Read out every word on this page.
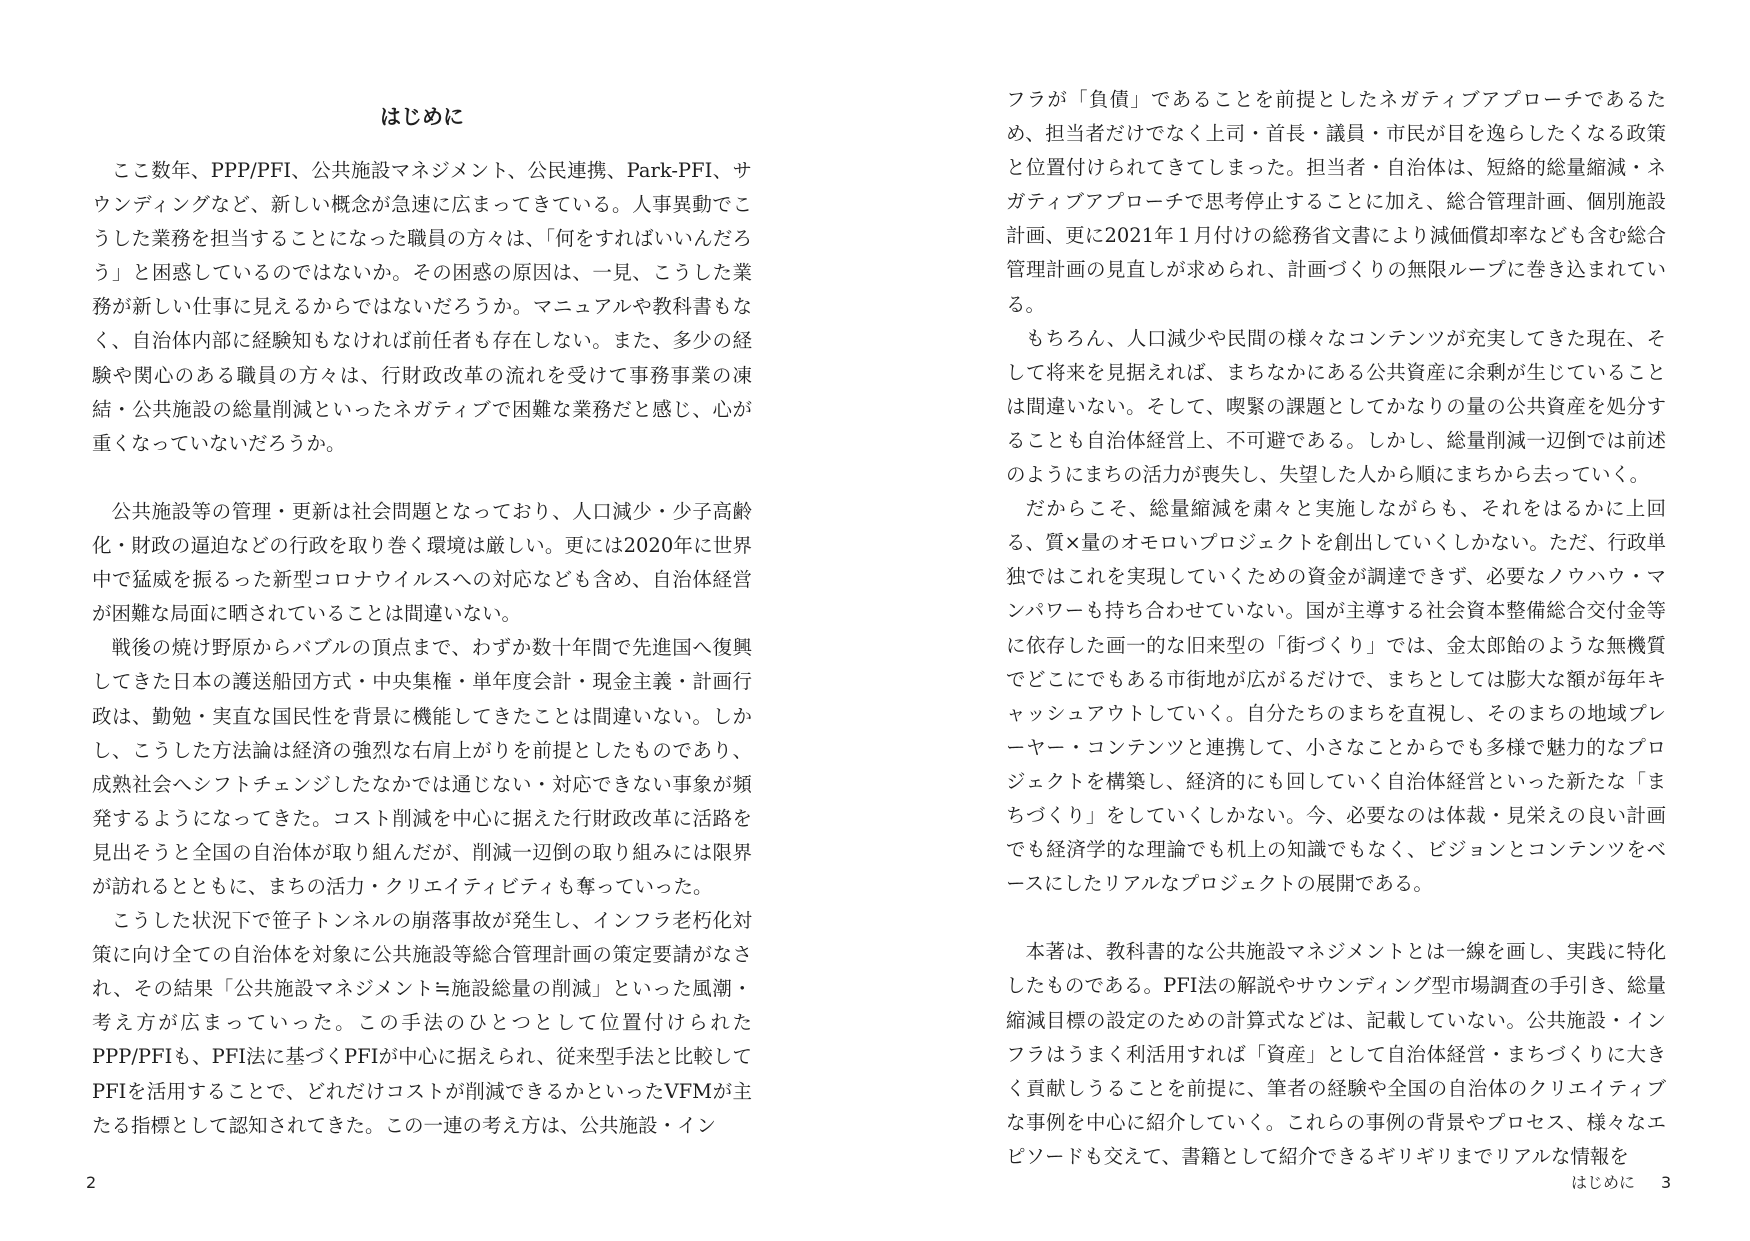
はじめに

ここ数年、PPP/PFI、公共施設マネジメント、公民連携、Park-PFI、サウンディングなど、新しい概念が急速に広まってきている。人事異動でこうした業務を担当することになった職員の方々は、「何をすればいいんだろう」と困惑しているのではないか。その困惑の原因は、一見、こうした業務が新しい仕事に見えるからではないだろうか。マニュアルや教科書もなく、自治体内部に経験知もなければ前任者も存在しない。また、多少の経験や関心のある職員の方々は、行財政改革の流れを受けて事務事業の凍結・公共施設の総量削減といったネガティブで困難な業務だと感じ、心が重くなっていないだろうか。

公共施設等の管理・更新は社会問題となっており、人口減少・少子高齢化・財政の逼迫などの行政を取り巻く環境は厳しい。更には2020年に世界中で猛威を振るった新型コロナウイルスへの対応なども含め、自治体経営が困難な局面に晒されていることは間違いない。

戦後の焼け野原からバブルの頂点まで、わずか数十年間で先進国へ復興してきた日本の護送船団方式・中央集権・単年度会計・現金主義・計画行政は、勤勉・実直な国民性を背景に機能してきたことは間違いない。しかし、こうした方法論は経済の強烈な右肩上がりを前提としたものであり、成熟社会へシフトチェンジしたなかでは通じない・対応できない事象が頻発するようになってきた。コスト削減を中心に据えた行財政改革に活路を見出そうと全国の自治体が取り組んだが、削減一辺倒の取り組みには限界が訪れるとともに、まちの活力・クリエイティビティも奪っていった。

こうした状況下で笹子トンネルの崩落事故が発生し、インフラ老朽化対策に向け全ての自治体を対象に公共施設等総合管理計画の策定要請がなされ、その結果「公共施設マネジメント≒施設総量の削減」といった風潮・考え方が広まっていった。この手法のひとつとして位置付けられたPPP/PFIも、PFI法に基づくPFIが中心に据えられ、従来型手法と比較してPFIを活用することで、どれだけコストが削減できるかといったVFMが主たる指標として認知されてきた。この一連の考え方は、公共施設・イン

2

フラが「負債」であることを前提としたネガティブアプローチであるため、担当者だけでなく上司・首長・議員・市民が目を逸らしたくなる政策と位置付けられてきてしまった。担当者・自治体は、短絡的総量縮減・ネガティブアプローチで思考停止することに加え、総合管理計画、個別施設計画、更に2021年１月付けの総務省文書により減価償却率なども含む総合管理計画の見直しが求められ、計画づくりの無限ループに巻き込まれている。

もちろん、人口減少や民間の様々なコンテンツが充実してきた現在、そして将来を見据えれば、まちなかにある公共資産に余剰が生じていることは間違いない。そして、喫緊の課題としてかなりの量の公共資産を処分することも自治体経営上、不可避である。しかし、総量削減一辺倒では前述のようにまちの活力が喪失し、失望した人から順にまちから去っていく。

だからこそ、総量縮減を粛々と実施しながらも、それをはるかに上回る、質×量のオモロいプロジェクトを創出していくしかない。ただ、行政単独ではこれを実現していくための資金が調達できず、必要なノウハウ・マンパワーも持ち合わせていない。国が主導する社会資本整備総合交付金等に依存した画一的な旧来型の「街づくり」では、金太郎飴のような無機質でどこにでもある市街地が広がるだけで、まちとしては膨大な額が毎年キャッシュアウトしていく。自分たちのまちを直視し、そのまちの地域プレーヤー・コンテンツと連携して、小さなことからでも多様で魅力的なプロジェクトを構築し、経済的にも回していく自治体経営といった新たな「まちづくり」をしていくしかない。今、必要なのは体裁・見栄えの良い計画でも経済学的な理論でも机上の知識でもなく、ビジョンとコンテンツをベースにしたリアルなプロジェクトの展開である。

本著は、教科書的な公共施設マネジメントとは一線を画し、実践に特化したものである。PFI法の解説やサウンディング型市場調査の手引き、総量縮減目標の設定のための計算式などは、記載していない。公共施設・インフラはうまく利活用すれば「資産」として自治体経営・まちづくりに大きく貢献しうることを前提に、筆者の経験や全国の自治体のクリエイティブな事例を中心に紹介していく。これらの事例の背景やプロセス、様々なエピソードも交えて、書籍として紹介できるギリギリまでリアルな情報を

はじめに 3
